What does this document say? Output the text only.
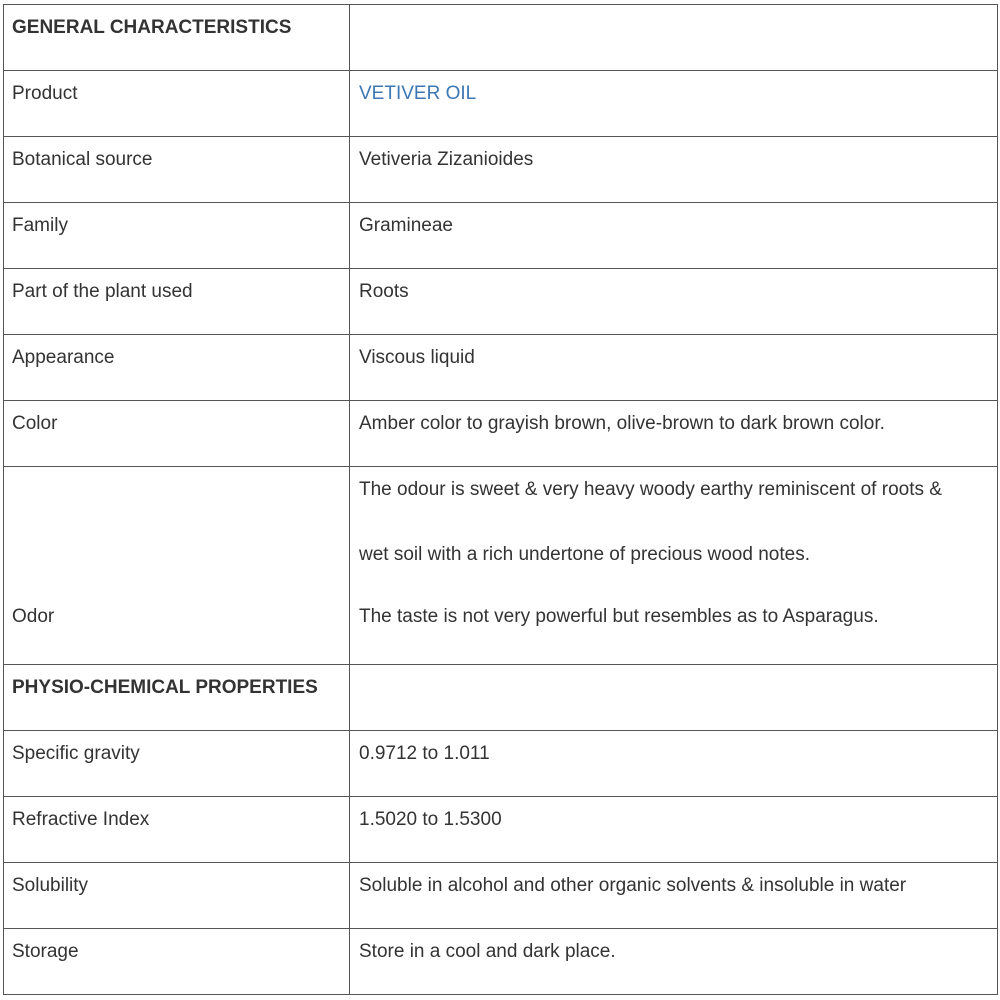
GENERAL CHARACTERISTICS	

Product	VETIVER OIL

Botanical source	Vetiveria Zizanioides

Family	Gramineae

Part of the plant used	Roots

Appearance	Viscous liquid

Color	Amber color to grayish brown, olive-brown to dark brown color.

Odor	The odour is sweet & very heavy woody earthy reminiscent of roots &
wet soil with a rich undertone of precious wood notes.
The taste is not very powerful but resembles as to Asparagus.

PHYSIO-CHEMICAL PROPERTIES	

Specific gravity	0.9712 to 1.011

Refractive Index	1.5020 to 1.5300

Solubility	Soluble in alcohol and other organic solvents & insoluble in water

Storage	Store in a cool and dark place.
